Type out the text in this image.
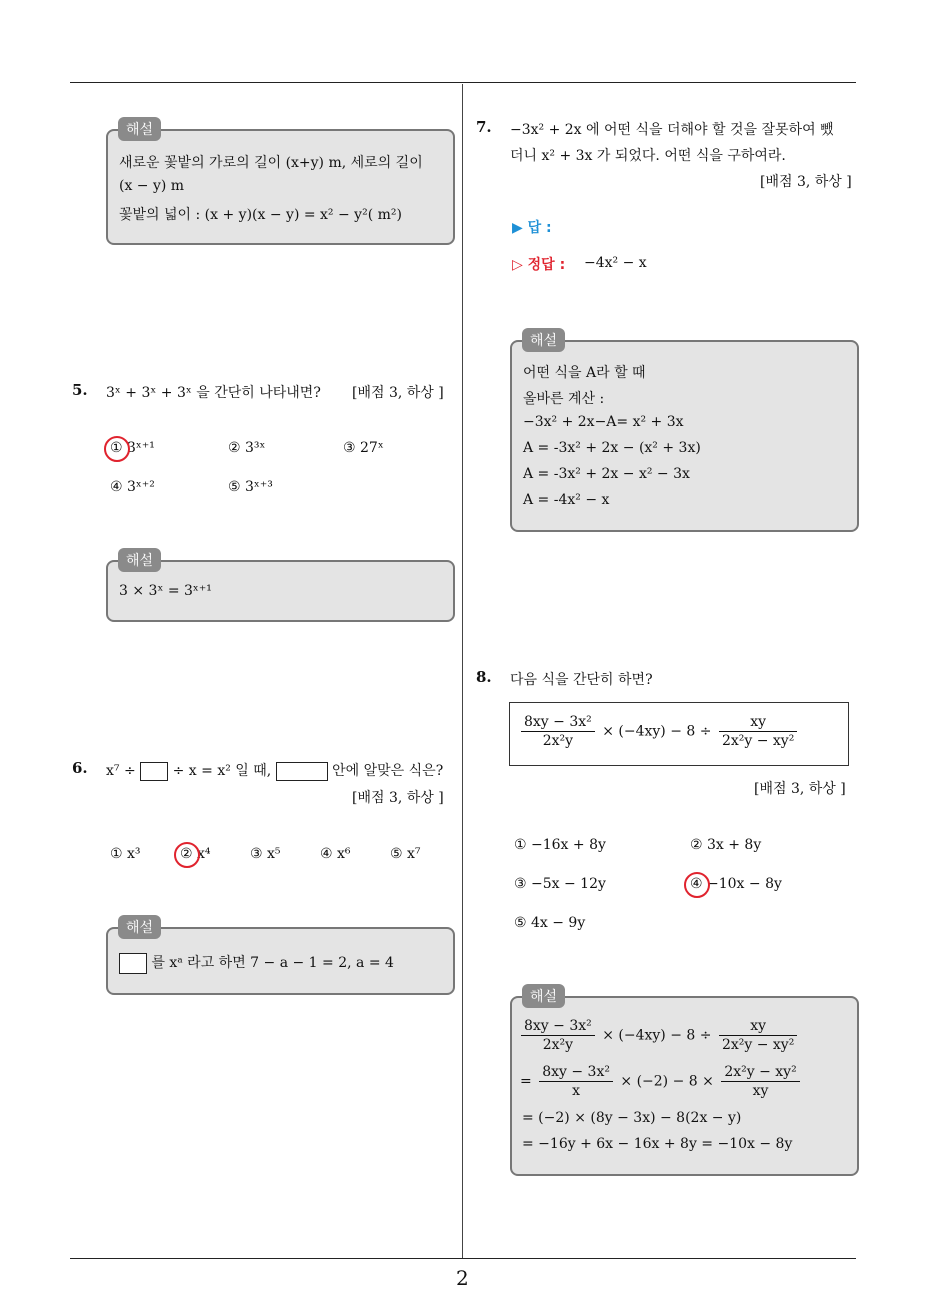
해설
새로운 꽃밭의 가로의 길이 (x+y) m, 세로의 길이
(x − y) m
꽃밭의 넓이 : (x + y)(x − y) = x² − y²( m²)
5. 3ˣ + 3ˣ + 3ˣ 을 간단히 나타내면? [배점 3, 하상 ]
① 3ˣ⁺¹	② 3³ˣ	③ 27ˣ
④ 3ˣ⁺²	⑤ 3ˣ⁺³
해설
3 × 3ˣ = 3ˣ⁺¹
6. x⁷ ÷	÷ x = x² 일 때,	안에 알맞은 식은?
[배점 3, 하상 ]
① x³	② x⁴	③ x⁵	④ x⁶	⑤ x⁷
해설
를 xᵃ 라고 하면 7 − a − 1 = 2, a = 4
7. −3x² + 2x 에 어떤 식을 더해야 할 것을 잘못하여 뺐
더니 x² + 3x 가 되었다. 어떤 식을 구하여라.
[배점 3, 하상 ]
▶ 답 :
▷ 정답 : −4x² − x
해설
어떤 식을 A라 할 때
올바른 계산 :
−3x² + 2x−A= x² + 3x
A = -3x² + 2x − (x² + 3x)
A = -3x² + 2x − x² − 3x
A = -4x² − x
8. 다음 식을 간단히 하면?
$\frac{\text{8xy − 3x²}}{\text{2x²y}} \times (-4xy) - 8 \div \frac{xy}{\text{2x²y − xy²}}$
[배점 3, 하상 ]
① −16x + 8y	② 3x + 8y
③ −5x − 12y	④ −10x − 8y
⑤ 4x − 9y
해설
$\frac{\text{8xy − 3x²}}{\text{2x²y}} \times (-4xy) - 8 \div \frac{xy}{\text{2x²y − xy²}}$
= $\frac{\text{8xy − 3x²}}{x} \times (-2) - 8 \times \frac{\text{2x²y − xy²}}{xy}$
= (−2) × (8y − 3x) − 8(2x − y)
= −16y + 6x − 16x + 8y = −10x − 8y
2
